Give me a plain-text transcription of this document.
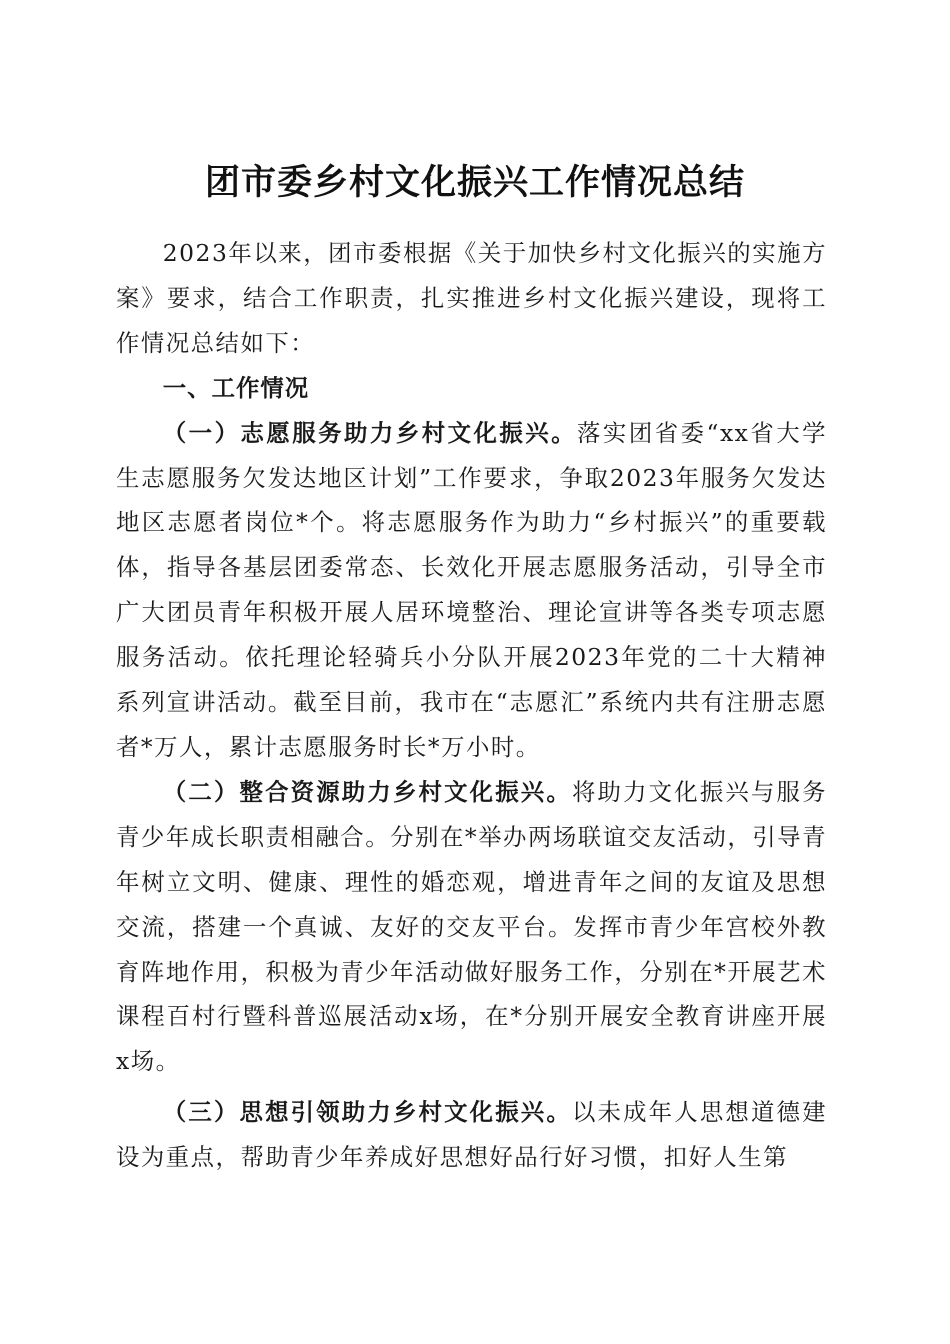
团市委乡村文化振兴工作情况总结

2023年以来，团市委根据《关于加快乡村文化振兴的实施方案》要求，结合工作职责，扎实推进乡村文化振兴建设，现将工作情况总结如下：

一、工作情况

（一）志愿服务助力乡村文化振兴。落实团省委“xx省大学生志愿服务欠发达地区计划”工作要求，争取2023年服务欠发达地区志愿者岗位*个。将志愿服务作为助力“乡村振兴”的重要载体，指导各基层团委常态、长效化开展志愿服务活动，引导全市广大团员青年积极开展人居环境整治、理论宣讲等各类专项志愿服务活动。依托理论轻骑兵小分队开展2023年党的二十大精神系列宣讲活动。截至目前，我市在“志愿汇”系统内共有注册志愿者*万人，累计志愿服务时长*万小时。

（二）整合资源助力乡村文化振兴。将助力文化振兴与服务青少年成长职责相融合。分别在*举办两场联谊交友活动，引导青年树立文明、健康、理性的婚恋观，增进青年之间的友谊及思想交流，搭建一个真诚、友好的交友平台。发挥市青少年宫校外教育阵地作用，积极为青少年活动做好服务工作，分别在*开展艺术课程百村行暨科普巡展活动x场，在*分别开展安全教育讲座开展x场。

（三）思想引领助力乡村文化振兴。以未成年人思想道德建设为重点，帮助青少年养成好思想好品行好习惯，扣好人生第
